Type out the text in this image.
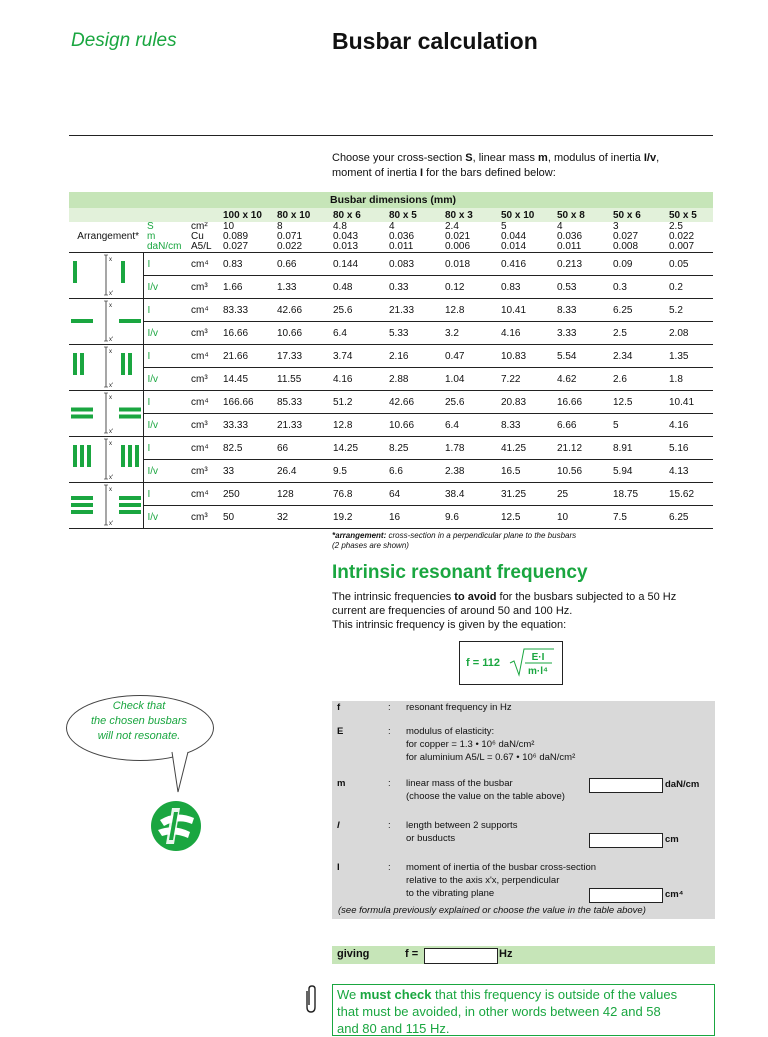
Design rules	Busbar calculation
Choose your cross-section S, linear mass m, modulus of inertia I/v,
moment of inertia I for the bars defined below:
Busbar dimensions (mm)											
			100 x 10	80 x 10	80 x 6	80 x 5	80 x 3	50 x 10	50 x 8	50 x 6	50 x 5
	S	cm²	10	8	4.8	4	2.4	5	4	3	2.5
Arrangement*	m	Cu	0.089	0.071	0.043	0.036	0.021	0.044	0.036	0.027	0.022
	daN/cm	A5/L	0.027	0.022	0.013	0.011	0.006	0.014	0.011	0.008	0.007

x
x'	I	cm⁴	0.83	0.66	0.144	0.083	0.018	0.416	0.213	0.09	0.05
	I/v	cm³	1.66	1.33	0.48	0.33	0.12	0.83	0.53	0.3	0.2

x
x'	I	cm⁴	83.33	42.66	25.6	21.33	12.8	10.41	8.33	6.25	5.2
	I/v	cm³	16.66	10.66	6.4	5.33	3.2	4.16	3.33	2.5	2.08

x
x'	I	cm⁴	21.66	17.33	3.74	2.16	0.47	10.83	5.54	2.34	1.35
	I/v	cm³	14.45	11.55	4.16	2.88	1.04	7.22	4.62	2.6	1.8

x
x'	I	cm⁴	166.66	85.33	51.2	42.66	25.6	20.83	16.66	12.5	10.41
	I/v	cm³	33.33	21.33	12.8	10.66	6.4	8.33	6.66	5	4.16

x
x'	I	cm⁴	82.5	66	14.25	8.25	1.78	41.25	21.12	8.91	5.16
	I/v	cm³	33	26.4	9.5	6.6	2.38	16.5	10.56	5.94	4.13

x
x'	I	cm⁴	250	128	76.8	64	38.4	31.25	25	18.75	15.62
	I/v	cm³	50	32	19.2	16	9.6	12.5	10	7.5	6.25
*arrangement: cross-section in a perpendicular plane to the busbars
(2 phases are shown)
Intrinsic resonant frequency
The intrinsic frequencies to avoid for the busbars subjected to a 50 Hz
current are frequencies of around 50 and 100 Hz.
This intrinsic frequency is given by the equation:
f = 112	E·I
m·l⁴
Check that
the chosen busbars
will not resonate.
f	: resonant frequency in Hz
E	: modulus of elasticity:
for copper = 1.3 • 10⁶ daN/cm²
for aluminium A5/L = 0.67 • 10⁶ daN/cm²
m	: linear mass of the busbar
(choose the value on the table above)
daN/cm
l	: length between 2 supports
or busducts	cm
I	: moment of inertia of the busbar cross-section
relative to the axis x'x, perpendicular
to the vibrating plane	cm⁴
(see formula previously explained or choose the value in the table above)
giving	f =	Hz
We must check that this frequency is outside of the values
that must be avoided, in other words between 42 and 58
and 80 and 115 Hz.
